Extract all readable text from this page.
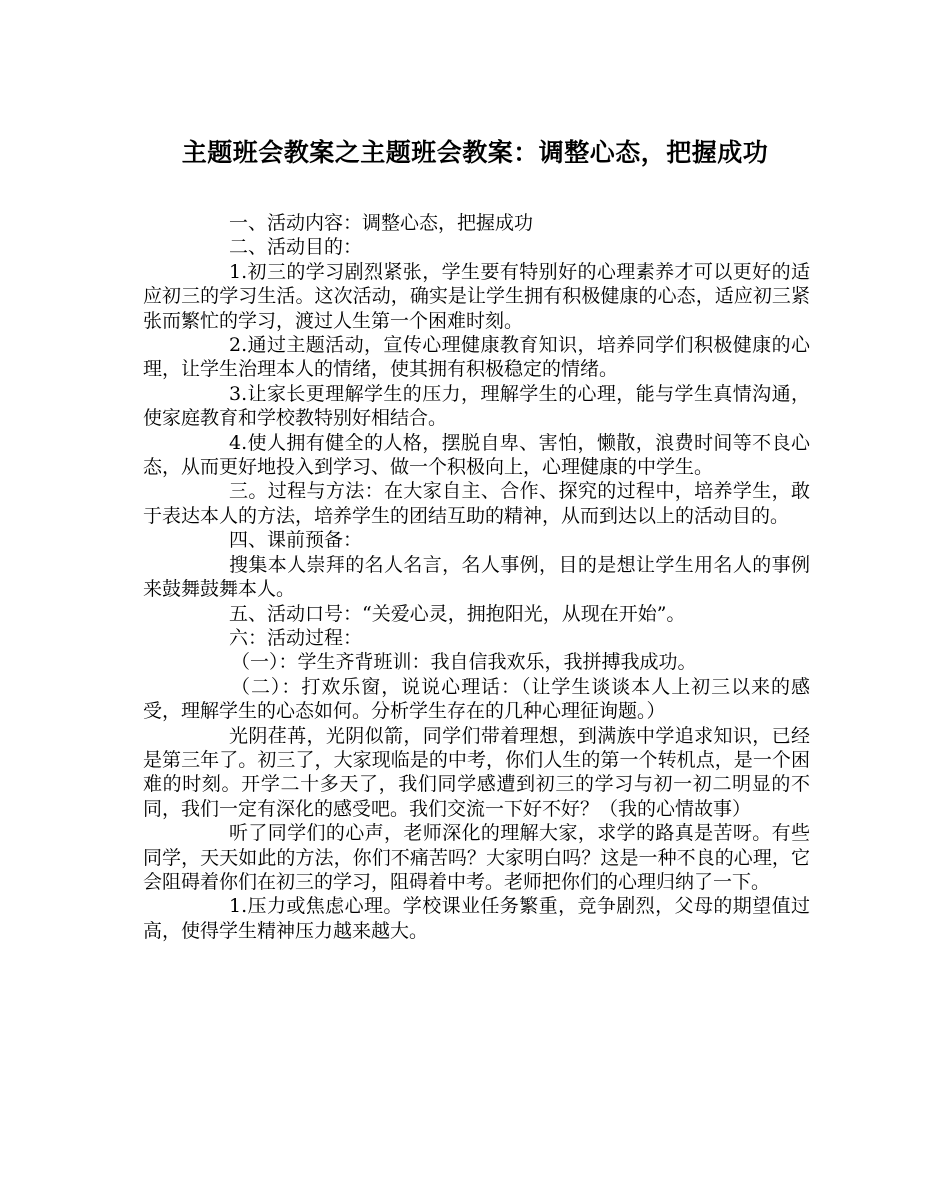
主题班会教案之主题班会教案：调整心态，把握成功

一、活动内容：调整心态，把握成功

二、活动目的：

1.初三的学习剧烈紧张，学生要有特别好的心理素养才可以更好的适应初三的学习生活。这次活动，确实是让学生拥有积极健康的心态，适应初三紧张而繁忙的学习，渡过人生第一个困难时刻。

2.通过主题活动，宣传心理健康教育知识，培养同学们积极健康的心理，让学生治理本人的情绪，使其拥有积极稳定的情绪。

3.让家长更理解学生的压力，理解学生的心理，能与学生真情沟通，使家庭教育和学校教特别好相结合。

4.使人拥有健全的人格，摆脱自卑、害怕，懒散，浪费时间等不良心态，从而更好地投入到学习、做一个积极向上，心理健康的中学生。

三。过程与方法：在大家自主、合作、探究的过程中，培养学生，敢于表达本人的方法，培养学生的团结互助的精神，从而到达以上的活动目的。

四、课前预备：

搜集本人崇拜的名人名言，名人事例，目的是想让学生用名人的事例来鼓舞鼓舞本人。

五、活动口号：“关爱心灵，拥抱阳光，从现在开始”。

六：活动过程：

（一）：学生齐背班训：我自信我欢乐，我拼搏我成功。

（二）：打欢乐窗，说说心理话：（让学生谈谈本人上初三以来的感受，理解学生的心态如何。分析学生存在的几种心理征询题。）

光阴荏苒，光阴似箭，同学们带着理想，到满族中学追求知识，已经是第三年了。初三了，大家现临是的中考，你们人生的第一个转机点，是一个困难的时刻。开学二十多天了，我们同学感遭到初三的学习与初一初二明显的不同，我们一定有深化的感受吧。我们交流一下好不好？（我的心情故事）

听了同学们的心声，老师深化的理解大家，求学的路真是苦呀。有些同学，天天如此的方法，你们不痛苦吗？大家明白吗？这是一种不良的心理，它会阻碍着你们在初三的学习，阻碍着中考。老师把你们的心理归纳了一下。

1.压力或焦虑心理。学校课业任务繁重，竞争剧烈，父母的期望值过高，使得学生精神压力越来越大。
